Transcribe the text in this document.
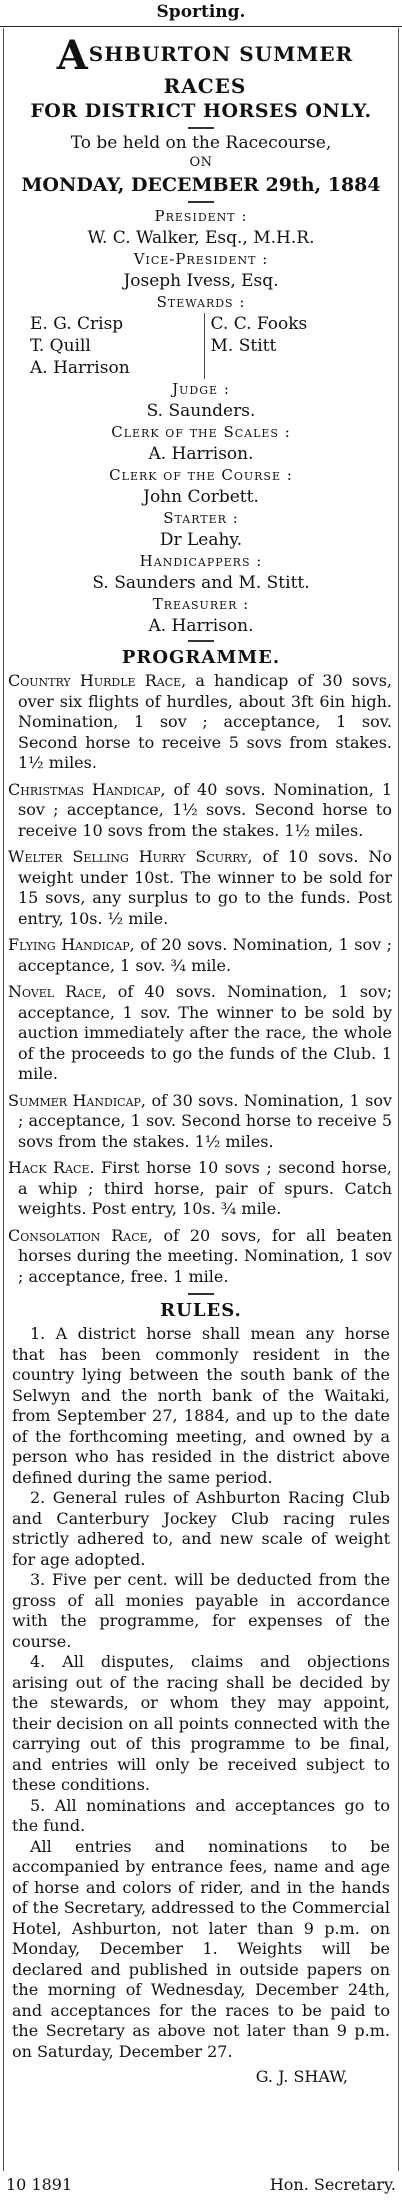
Sporting.
ASHBURTON SUMMER RACES
FOR DISTRICT HORSES ONLY.
To be held on the Racecourse,
ON
MONDAY, DECEMBER 29th, 1884
President :
W. C. Walker, Esq., M.H.R.
Vice-President :
Joseph Ivess, Esq.
Stewards :
E. G. Crisp
T. Quill
A. Harrison
C. C. Fooks
M. Stitt
Judge :
S. Saunders.
Clerk of the Scales :
A. Harrison.
Clerk of the Course :
John Corbett.
Starter :
Dr Leahy.
Handicappers :
S. Saunders and M. Stitt.
Treasurer :
A. Harrison.
PROGRAMME.
Country Hurdle Race, a handicap of 30 sovs, over six flights of hurdles, about 3ft 6in high. Nomination, 1 sov ; acceptance, 1 sov. Second horse to receive 5 sovs from stakes. 1½ miles.
Christmas Handicap, of 40 sovs. Nomination, 1 sov ; acceptance, 1½ sovs. Second horse to receive 10 sovs from the stakes. 1½ miles.
Welter Selling Hurry Scurry, of 10 sovs. No weight under 10st. The winner to be sold for 15 sovs, any surplus to go to the funds. Post entry, 10s. ½ mile.
Flying Handicap, of 20 sovs. Nomination, 1 sov ; acceptance, 1 sov. ¾ mile.
Novel Race, of 40 sovs. Nomination, 1 sov; acceptance, 1 sov. The winner to be sold by auction immediately after the race, the whole of the proceeds to go the funds of the Club. 1 mile.
Summer Handicap, of 30 sovs. Nomination, 1 sov ; acceptance, 1 sov. Second horse to receive 5 sovs from the stakes. 1½ miles.
Hack Race. First horse 10 sovs ; second horse, a whip ; third horse, pair of spurs. Catch weights. Post entry, 10s. ¾ mile.
Consolation Race, of 20 sovs, for all beaten horses during the meeting. Nomination, 1 sov ; acceptance, free. 1 mile.
RULES.
1. A district horse shall mean any horse that has been commonly resident in the country lying between the south bank of the Selwyn and the north bank of the Waitaki, from September 27, 1884, and up to the date of the forthcoming meeting, and owned by a person who has resided in the district above defined during the same period.
2. General rules of Ashburton Racing Club and Canterbury Jockey Club racing rules strictly adhered to, and new scale of weight for age adopted.
3. Five per cent. will be deducted from the gross of all monies payable in accordance with the programme, for expenses of the course.
4. All disputes, claims and objections arising out of the racing shall be decided by the stewards, or whom they may appoint, their decision on all points connected with the carrying out of this programme to be final, and entries will only be received subject to these conditions.
5. All nominations and acceptances go to the fund.
All entries and nominations to be accompanied by entrance fees, name and age of horse and colors of rider, and in the hands of the Secretary, addressed to the Commercial Hotel, Ashburton, not later than 9 p.m. on Monday, December 1. Weights will be declared and published in outside papers on the morning of Wednesday, December 24th, and acceptances for the races to be paid to the Secretary as above not later than 9 p.m. on Saturday, December 27.
G. J. SHAW,
10 1891	Hon. Secretary.
